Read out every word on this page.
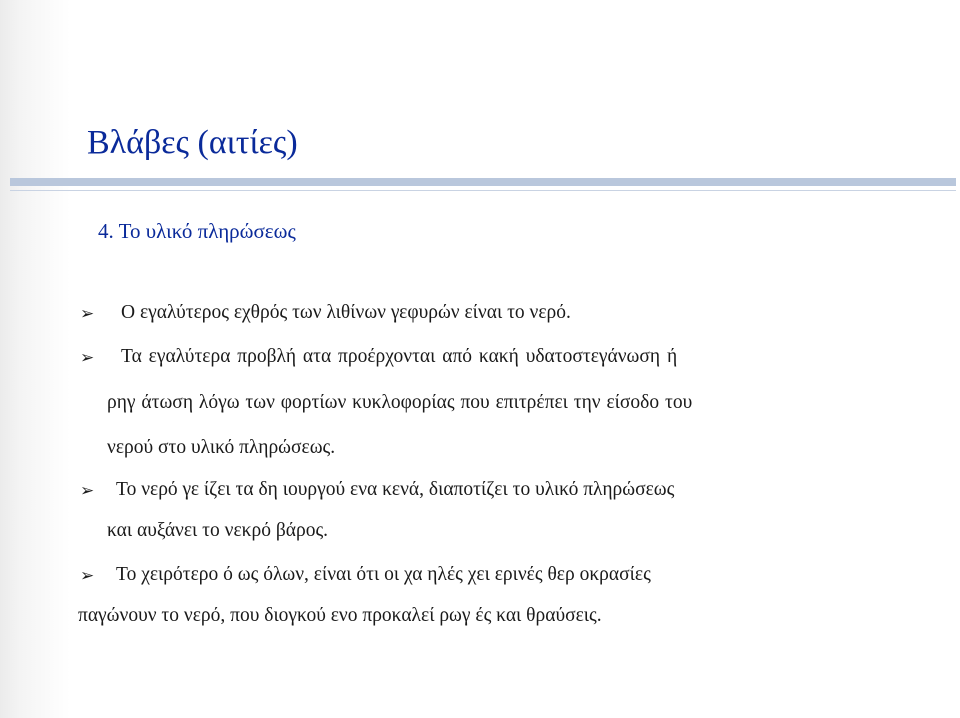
Βλάβες (αιτίες)
4. Το υλικό πληρώσεως
➢ Ο εγαλύτερος εχθρός των λιθίνων γεφυρών είναι το νερό.
➢ Τα εγαλύτερα προβλή ατα προέρχονται από κακή υδατοστεγάνωση ή
ρηγ άτωση λόγω των φορτίων κυκλοφορίας που επιτρέπει την είσοδο του
νερού στο υλικό πληρώσεως.
➢ Το νερό γε ίζει τα δη ιουργού ενα κενά, διαποτίζει το υλικό πληρώσεως
και αυξάνει το νεκρό βάρος.
➢ Το χειρότερο ό ως όλων, είναι ότι οι χα ηλές χει ερινές θερ οκρασίες
παγώνουν το νερό, που διογκού ενο προκαλεί ρωγ ές και θραύσεις.
